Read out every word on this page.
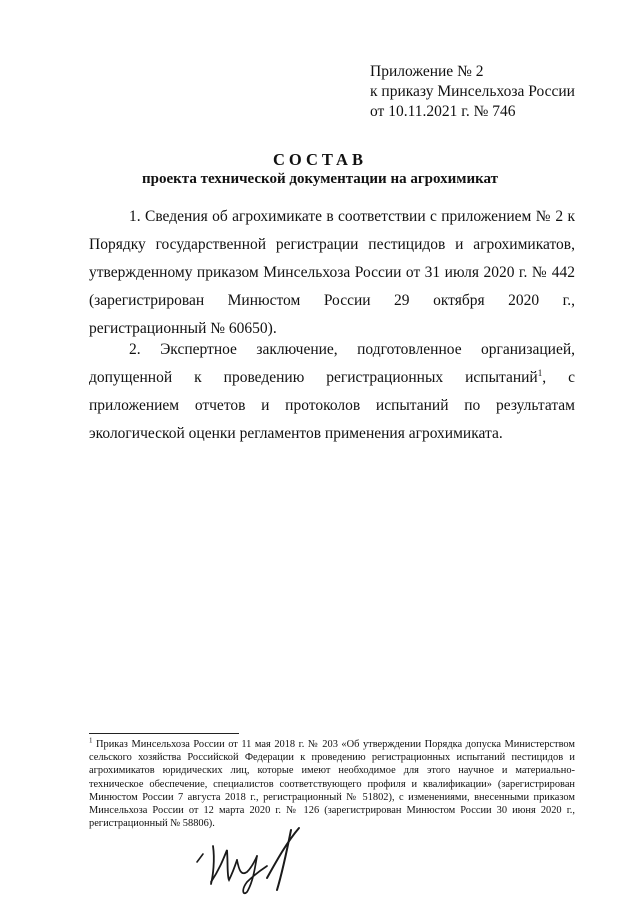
Приложение № 2
к приказу Минсельхоза России
от 10.11.2021 г. № 746
СОСТАВ
проекта технической документации на агрохимикат

1. Сведения об агрохимикате в соответствии с приложением № 2 к Порядку государственной регистрации пестицидов и агрохимикатов, утвержденному приказом Минсельхоза России от 31 июля 2020 г. № 442 (зарегистрирован Минюстом России 29 октября 2020 г., регистрационный № 60650).

2. Экспертное заключение, подготовленное организацией, допущенной к проведению регистрационных испытаний$^1$, с приложением отчетов и протоколов испытаний по результатам экологической оценки регламентов применения агрохимиката.

$^1$ Приказ Минсельхоза России от 11 мая 2018 г. № 203 «Об утверждении Порядка допуска Министерством сельского хозяйства Российской Федерации к проведению регистрационных испытаний пестицидов и агрохимикатов юридических лиц, которые имеют необходимое для этого научное и материально-техническое обеспечение, специалистов соответствующего профиля и квалификации» (зарегистрирован Минюстом России 7 августа 2018 г., регистрационный № 51802), с изменениями, внесенными приказом Минсельхоза России от 12 марта 2020 г. № 126 (зарегистрирован Минюстом России 30 июня 2020 г., регистрационный № 58806).
